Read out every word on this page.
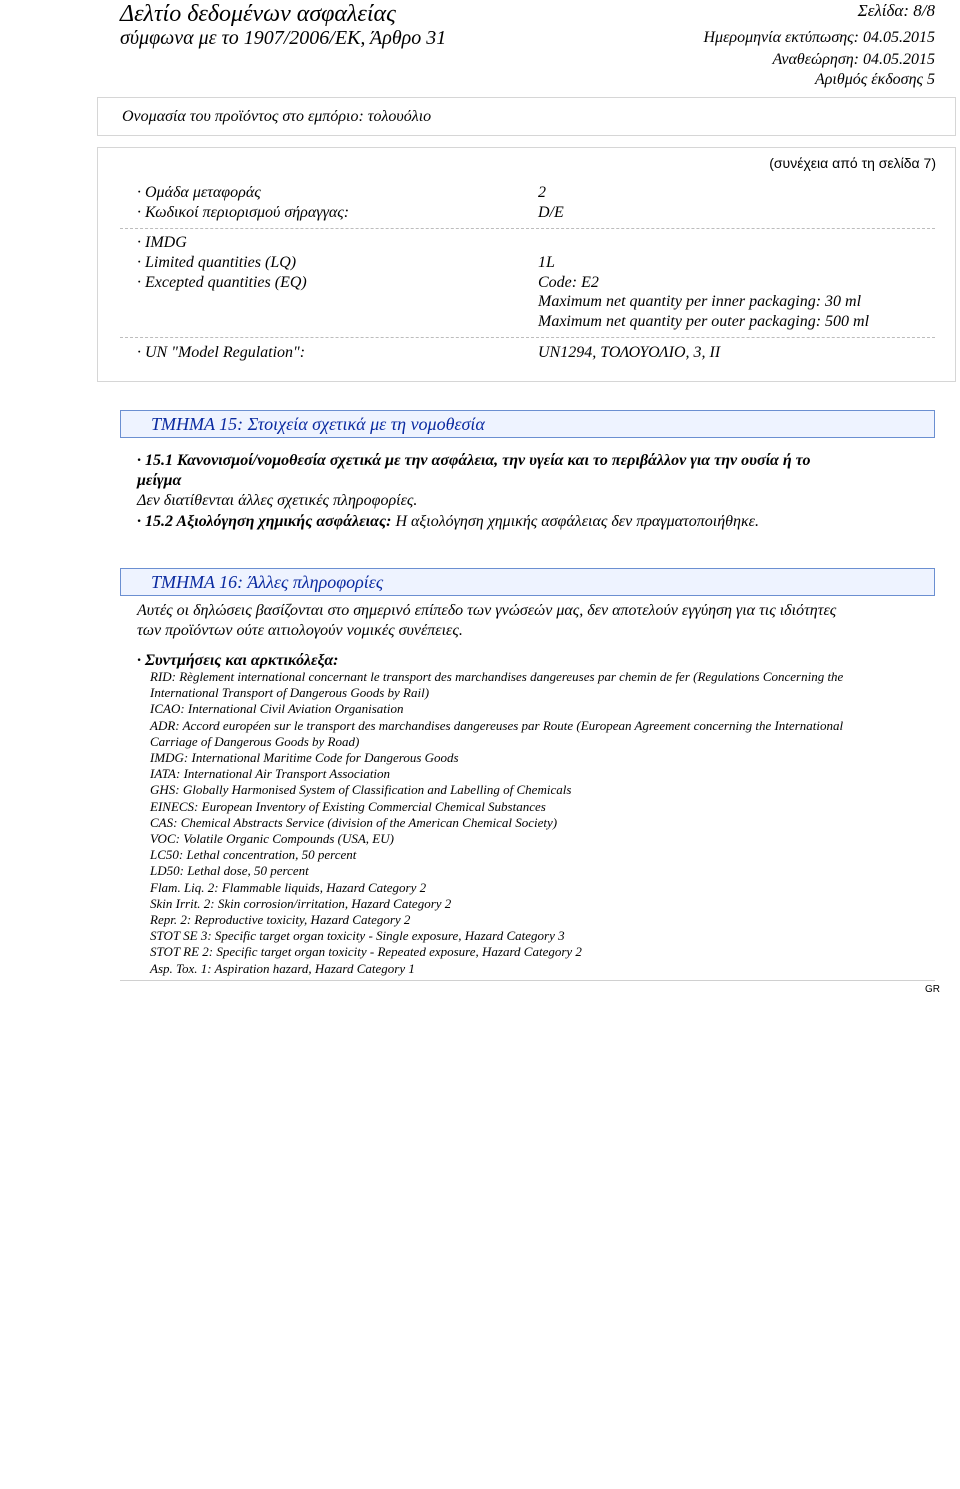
Δελτίο δεδομένων ασφαλείας
σύμφωνα με το 1907/2006/ΕΚ, Άρθρο 31
Σελίδα: 8/8
Ημερομηνία εκτύπωσης: 04.05.2015
Αναθεώρηση: 04.05.2015
Αριθμός έκδοσης 5
Ονομασία του προϊόντος στο εμπόριο: τολουόλιο
(συνέχεια από τη σελίδα 7)
· Ομάδα μεταφοράς	2
· Κωδικοί περιορισμού σήραγγας:	D/E
· IMDG
· Limited quantities (LQ)	1L
· Excepted quantities (EQ)	Code: E2
Maximum net quantity per inner packaging: 30 ml
Maximum net quantity per outer packaging: 500 ml
· UN "Model Regulation":	UN1294, ΤΟΛΟΥΟΛΙΟ, 3, II
ΤΜΗΜΑ 15: Στοιχεία σχετικά με τη νομοθεσία
· 15.1 Κανονισμοί/νομοθεσία σχετικά με την ασφάλεια, την υγεία και το περιβάλλον για την ουσία ή το
μείγμα
Δεν διατίθενται άλλες σχετικές πληροφορίες.
· 15.2 Αξιολόγηση χημικής ασφάλειας: Η αξιολόγηση χημικής ασφάλειας δεν πραγματοποιήθηκε.
ΤΜΗΜΑ 16: Άλλες πληροφορίες
Αυτές οι δηλώσεις βασίζονται στο σημερινό επίπεδο των γνώσεών μας, δεν αποτελούν εγγύηση για τις ιδιότητες
των προϊόντων ούτε αιτιολογούν νομικές συνέπειες.
· Συντμήσεις και αρκτικόλεξα:
RID: Règlement international concernant le transport des marchandises dangereuses par chemin de fer (Regulations Concerning the
International Transport of Dangerous Goods by Rail)
ICAO: International Civil Aviation Organisation
ADR: Accord européen sur le transport des marchandises dangereuses par Route (European Agreement concerning the International
Carriage of Dangerous Goods by Road)
IMDG: International Maritime Code for Dangerous Goods
IATA: International Air Transport Association
GHS: Globally Harmonised System of Classification and Labelling of Chemicals
EINECS: European Inventory of Existing Commercial Chemical Substances
CAS: Chemical Abstracts Service (division of the American Chemical Society)
VOC: Volatile Organic Compounds (USA, EU)
LC50: Lethal concentration, 50 percent
LD50: Lethal dose, 50 percent
Flam. Liq. 2: Flammable liquids, Hazard Category 2
Skin Irrit. 2: Skin corrosion/irritation, Hazard Category 2
Repr. 2: Reproductive toxicity, Hazard Category 2
STOT SE 3: Specific target organ toxicity - Single exposure, Hazard Category 3
STOT RE 2: Specific target organ toxicity - Repeated exposure, Hazard Category 2
Asp. Tox. 1: Aspiration hazard, Hazard Category 1
GR
